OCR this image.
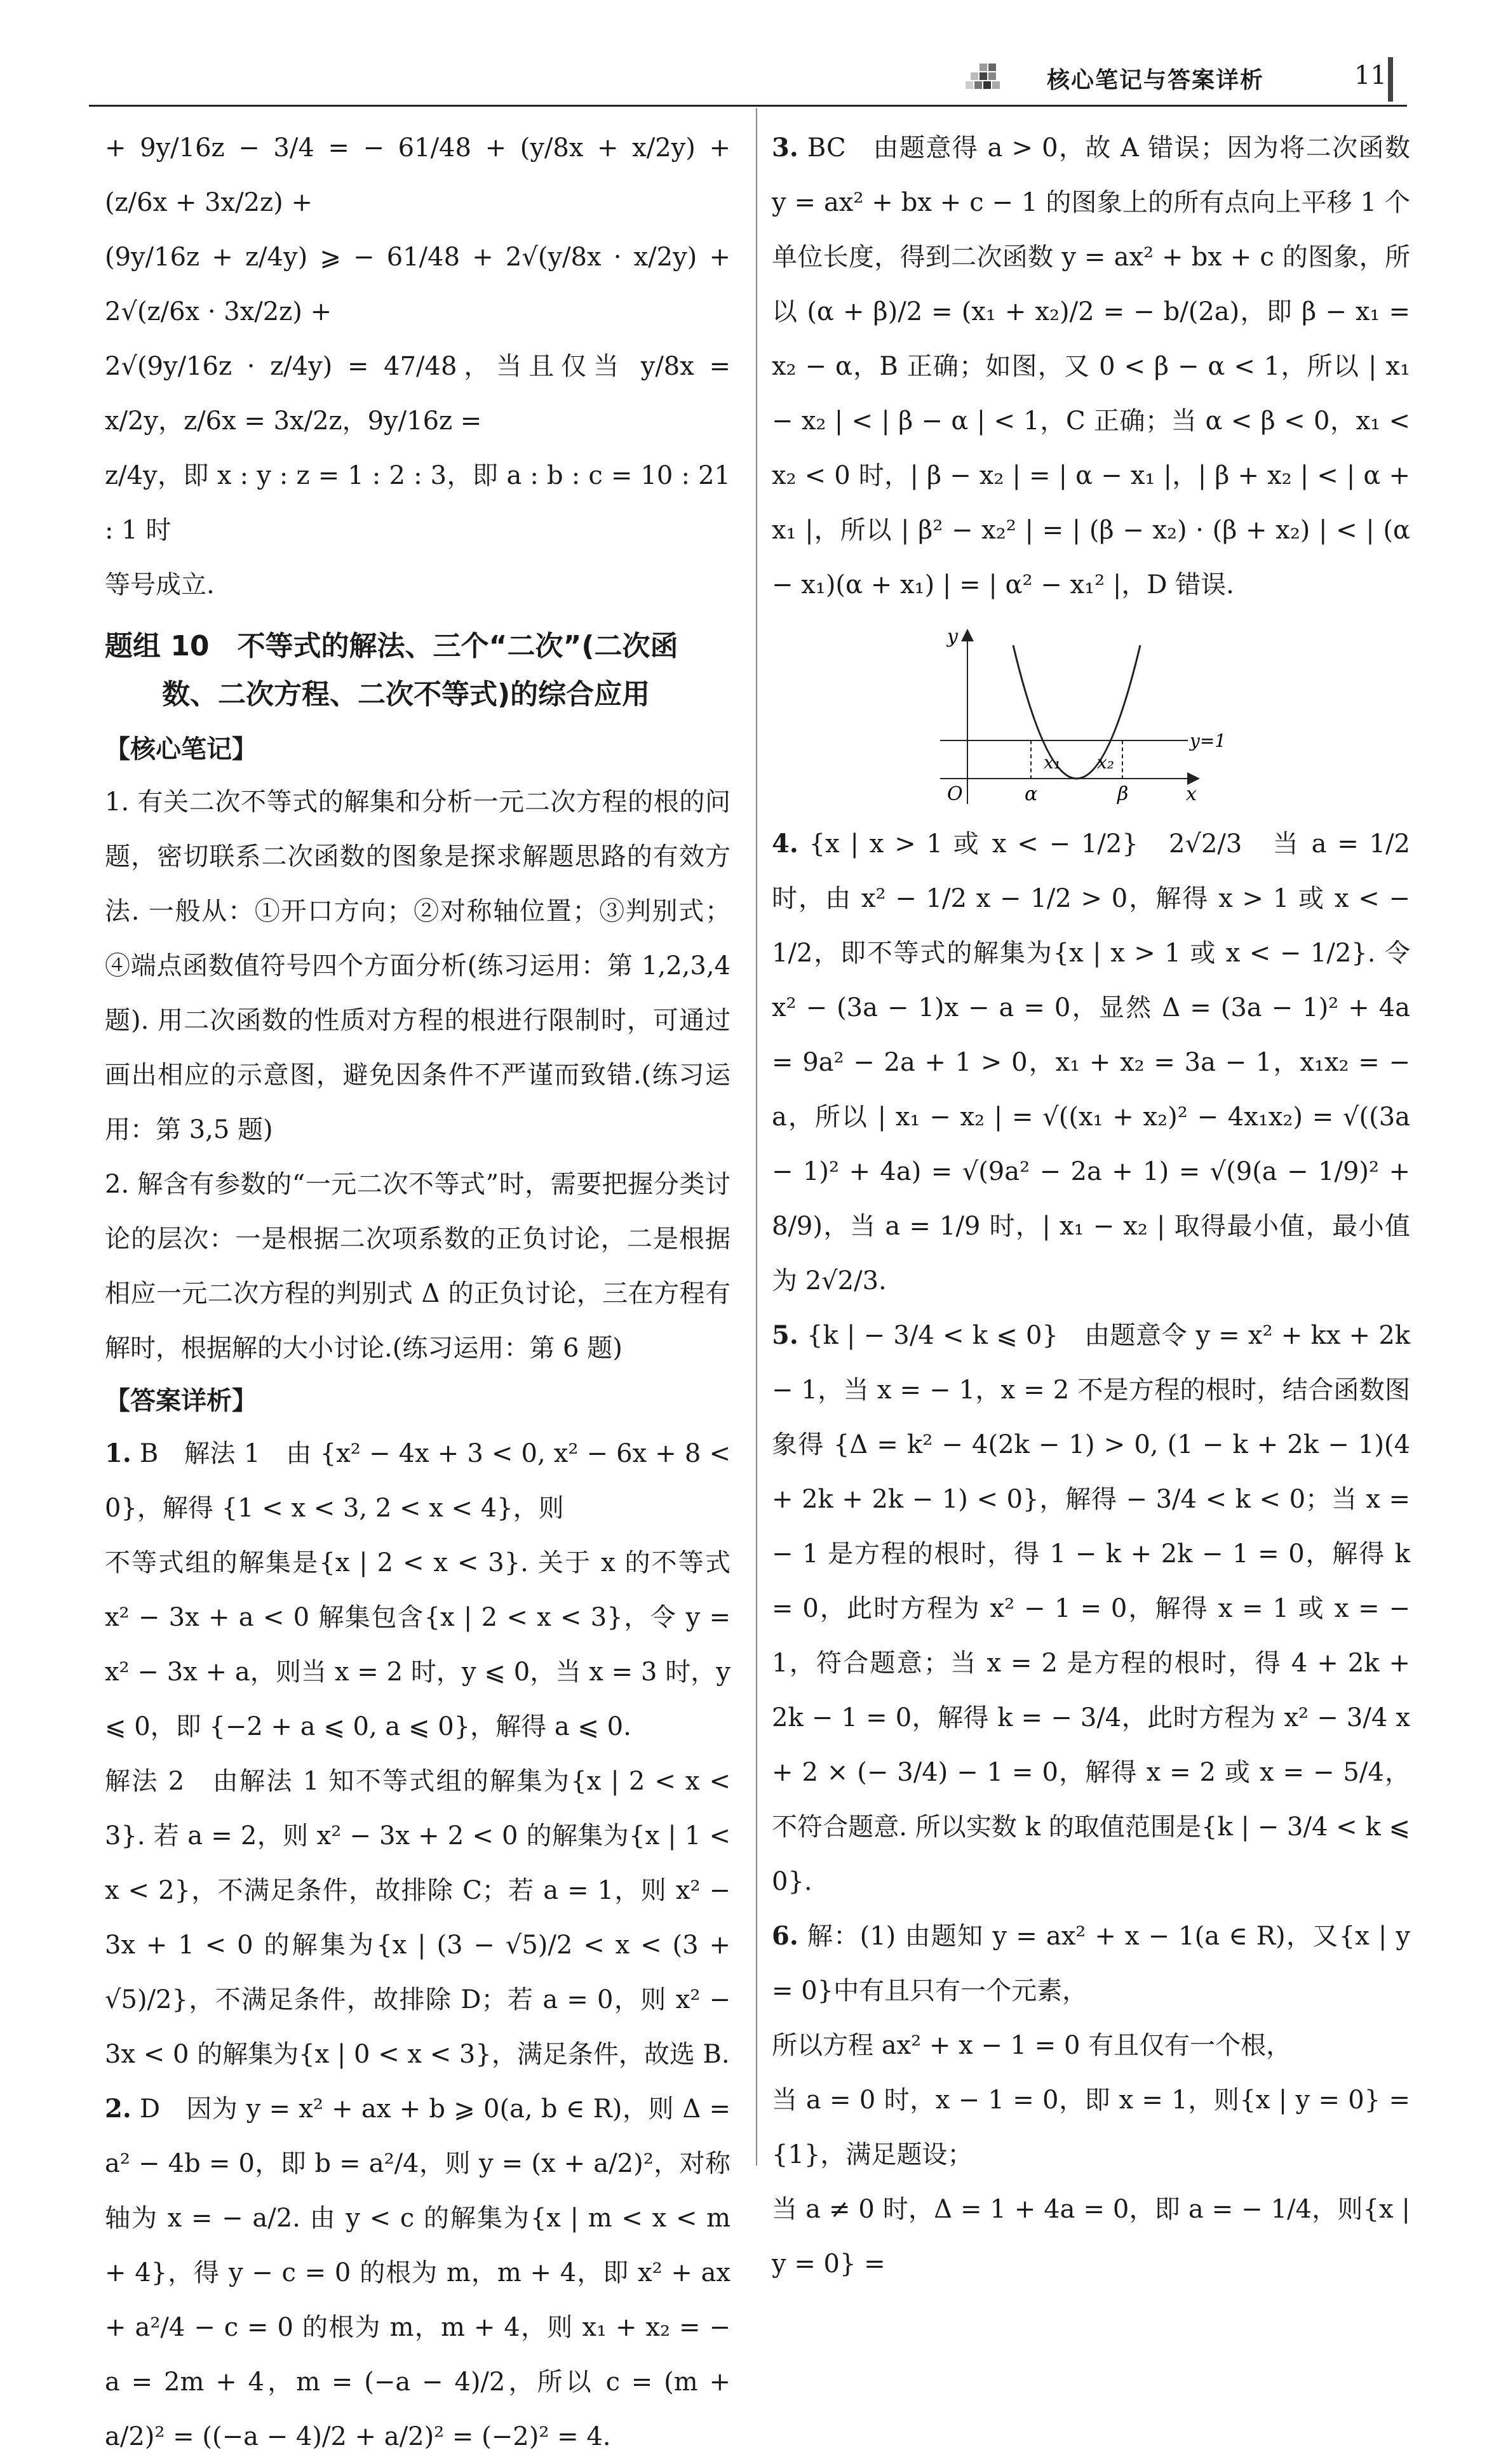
核心笔记与答案详析	11

+ 9y/16z − 3/4 = − 61/48 + (y/8x + x/2y) + (z/6x + 3x/2z) +

(9y/16z + z/4y) ⩾ − 61/48 + 2√(y/8x · x/2y) + 2√(z/6x · 3x/2z) +

2√(9y/16z · z/4y) = 47/48，当且仅当 y/8x = x/2y，z/6x = 3x/2z，9y/16z =

z/4y，即 x : y : z = 1 : 2 : 3，即 a : b : c = 10 : 21 : 1 时

等号成立.

题组 10　不等式的解法、三个“二次”(二次函
数、二次方程、二次不等式)的综合应用
【核心笔记】

1. 有关二次不等式的解集和分析一元二次方程的根的问题，密切联系二次函数的图象是探求解题思路的有效方法. 一般从：①开口方向；②对称轴位置；③判别式；④端点函数值符号四个方面分析(练习运用：第 1,2,3,4 题). 用二次函数的性质对方程的根进行限制时，可通过画出相应的示意图，避免因条件不严谨而致错.(练习运用：第 3,5 题)

2. 解含有参数的“一元二次不等式”时，需要把握分类讨论的层次：一是根据二次项系数的正负讨论，二是根据相应一元二次方程的判别式 Δ 的正负讨论，三在方程有解时，根据解的大小讨论.(练习运用：第 6 题)

【答案详析】

1. B　解法 1　由 {x² − 4x + 3 < 0, x² − 6x + 8 < 0}，解得 {1 < x < 3, 2 < x < 4}，则

不等式组的解集是{x | 2 < x < 3}. 关于 x 的不等式 x² − 3x + a < 0 解集包含{x | 2 < x < 3}，令 y = x² − 3x + a，则当 x = 2 时，y ⩽ 0，当 x = 3 时，y ⩽ 0，即 {−2 + a ⩽ 0, a ⩽ 0}，解得 a ⩽ 0.

解法 2　由解法 1 知不等式组的解集为{x | 2 < x < 3}. 若 a = 2，则 x² − 3x + 2 < 0 的解集为{x | 1 < x < 2}，不满足条件，故排除 C；若 a = 1，则 x² − 3x + 1 < 0 的解集为{x | (3 − √5)/2 < x < (3 + √5)/2}，不满足条件，故排除 D；若 a = 0，则 x² − 3x < 0 的解集为{x | 0 < x < 3}，满足条件，故选 B.

2. D　因为 y = x² + ax + b ⩾ 0(a, b ∈ R)，则 Δ = a² − 4b = 0，即 b = a²/4，则 y = (x + a/2)²，对称轴为 x = − a/2. 由 y < c 的解集为{x | m < x < m + 4}，得 y − c = 0 的根为 m，m + 4，即 x² + ax + a²/4 − c = 0 的根为 m，m + 4，则 x₁ + x₂ = − a = 2m + 4，m = (−a − 4)/2，所以 c = (m + a/2)² = ((−a − 4)/2 + a/2)² = (−2)² = 4.

3. BC　由题意得 a > 0，故 A 错误；因为将二次函数 y = ax² + bx + c − 1 的图象上的所有点向上平移 1 个单位长度，得到二次函数 y = ax² + bx + c 的图象，所以 (α + β)/2 = (x₁ + x₂)/2 = − b/(2a)，即 β − x₁ = x₂ − α，B 正确；如图，又 0 < β − α < 1，所以 | x₁ − x₂ | < | β − α | < 1，C 正确；当 α < β < 0，x₁ < x₂ < 0 时，| β − x₂ | = | α − x₁ |，| β + x₂ | < | α + x₁ |，所以 | β² − x₂² | = | (β − x₂) · (β + x₂) | < | (α − x₁)(α + x₁) | = | α² − x₁² |，D 错误.

y
x
O
y=1
x₁ x₂
α	β

4. {x | x > 1 或 x < − 1/2}　2√2/3　当 a = 1/2 时，由 x² − 1/2 x − 1/2 > 0，解得 x > 1 或 x < − 1/2，即不等式的解集为{x | x > 1 或 x < − 1/2}. 令 x² − (3a − 1)x − a = 0，显然 Δ = (3a − 1)² + 4a = 9a² − 2a + 1 > 0，x₁ + x₂ = 3a − 1，x₁x₂ = − a，所以 | x₁ − x₂ | = √((x₁ + x₂)² − 4x₁x₂) = √((3a − 1)² + 4a) = √(9a² − 2a + 1) = √(9(a − 1/9)² + 8/9)，当 a = 1/9 时，| x₁ − x₂ | 取得最小值，最小值为 2√2/3.

5. {k | − 3/4 < k ⩽ 0}　由题意令 y = x² + kx + 2k − 1，当 x = − 1，x = 2 不是方程的根时，结合函数图象得 {Δ = k² − 4(2k − 1) > 0, (1 − k + 2k − 1)(4 + 2k + 2k − 1) < 0}，解得 − 3/4 < k < 0；当 x = − 1 是方程的根时，得 1 − k + 2k − 1 = 0，解得 k = 0，此时方程为 x² − 1 = 0，解得 x = 1 或 x = − 1，符合题意；当 x = 2 是方程的根时，得 4 + 2k + 2k − 1 = 0，解得 k = − 3/4，此时方程为 x² − 3/4 x + 2 × (− 3/4) − 1 = 0，解得 x = 2 或 x = − 5/4，不符合题意. 所以实数 k 的取值范围是{k | − 3/4 < k ⩽ 0}.

6. 解：(1) 由题知 y = ax² + x − 1(a ∈ R)，又{x | y = 0}中有且只有一个元素，

所以方程 ax² + x − 1 = 0 有且仅有一个根，

当 a = 0 时，x − 1 = 0，即 x = 1，则{x | y = 0} = {1}，满足题设；

当 a ≠ 0 时，Δ = 1 + 4a = 0，即 a = − 1/4，则{x | y = 0} =
